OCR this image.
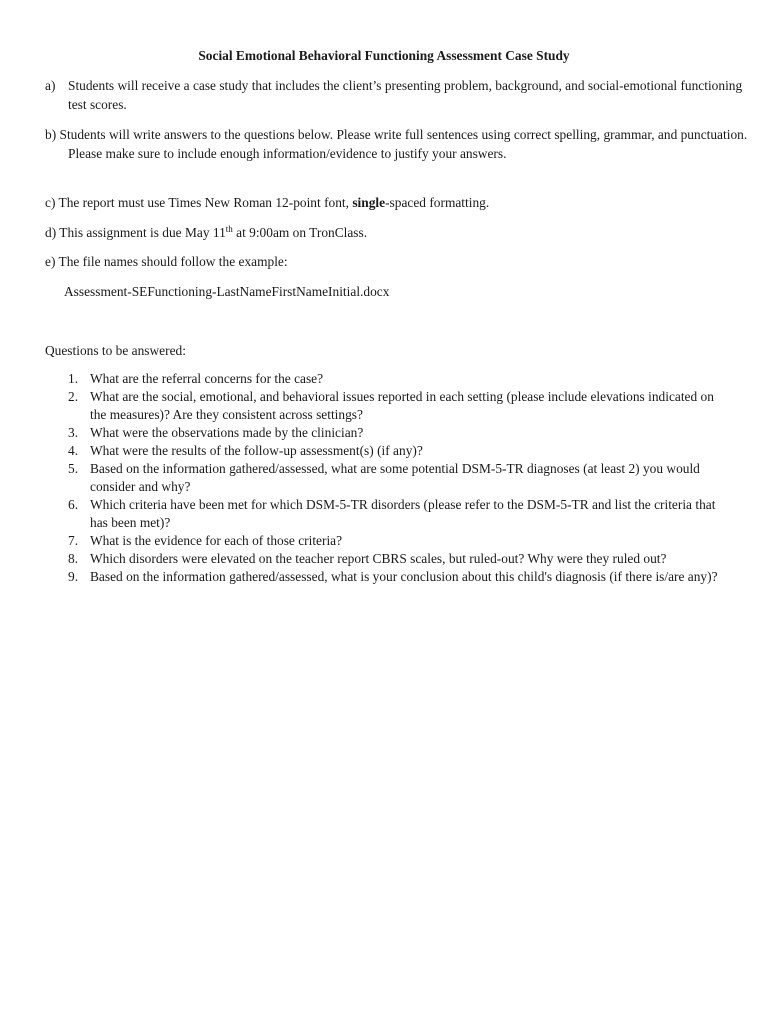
Social Emotional Behavioral Functioning Assessment Case Study
a) Students will receive a case study that includes the client’s presenting problem, background, and social-emotional functioning test scores.
b) Students will write answers to the questions below. Please write full sentences using correct spelling, grammar, and punctuation. Please make sure to include enough information/evidence to justify your answers.
c) The report must use Times New Roman 12-point font, single-spaced formatting.
d) This assignment is due May 11th at 9:00am on TronClass.
e) The file names should follow the example:
Assessment-SEFunctioning-LastNameFirstNameInitial.docx
Questions to be answered:
1. What are the referral concerns for the case?
2. What are the social, emotional, and behavioral issues reported in each setting (please include elevations indicated on the measures)? Are they consistent across settings?
3. What were the observations made by the clinician?
4. What were the results of the follow-up assessment(s) (if any)?
5. Based on the information gathered/assessed, what are some potential DSM-5-TR diagnoses (at least 2) you would consider and why?
6. Which criteria have been met for which DSM-5-TR disorders (please refer to the DSM-5-TR and list the criteria that has been met)?
7. What is the evidence for each of those criteria?
8. Which disorders were elevated on the teacher report CBRS scales, but ruled-out? Why were they ruled out?
9. Based on the information gathered/assessed, what is your conclusion about this child's diagnosis (if there is/are any)?
